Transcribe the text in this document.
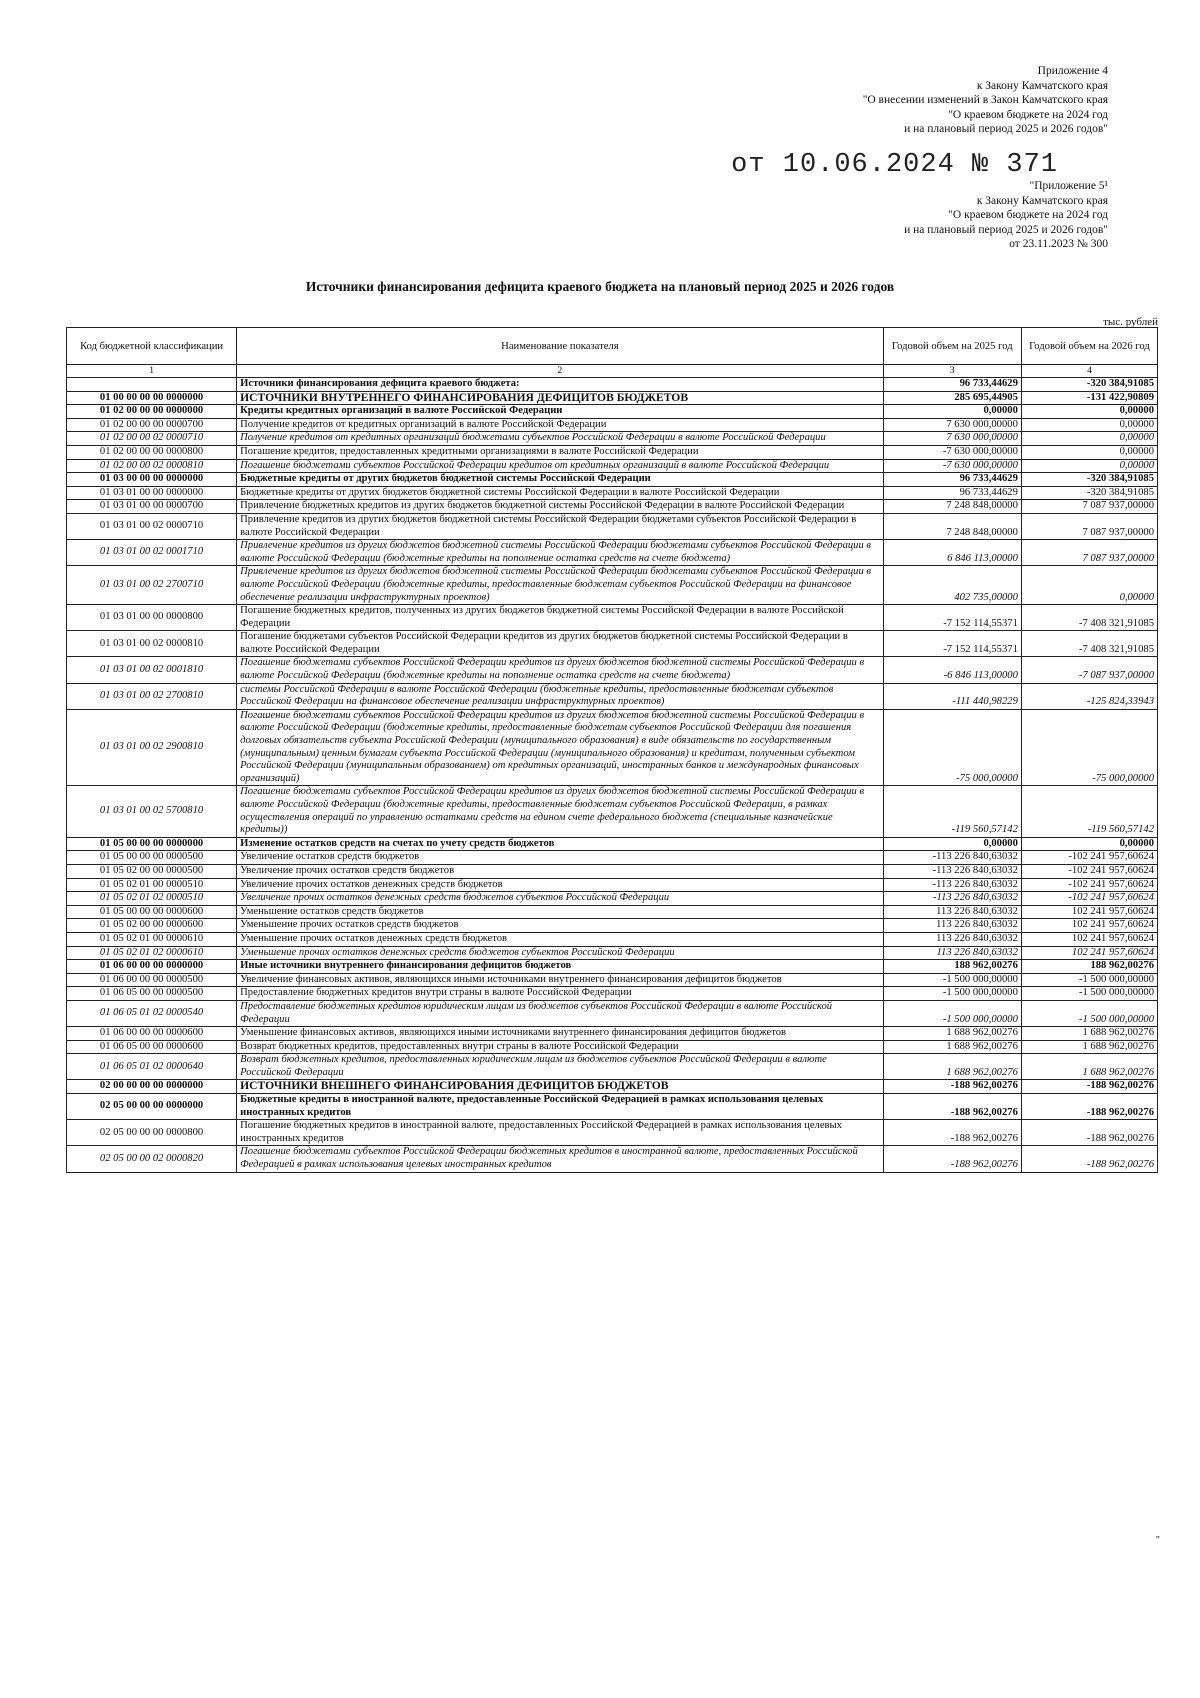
Приложение 4
к Закону Камчатского края
"О внесении изменений в Закон Камчатского края
"О краевом бюджете на 2024 год
и на плановый период 2025 и 2026 годов"
от 10.06.2024 № 371
"Приложение 5¹
к Закону Камчатского края
"О краевом бюджете на 2024 год
и на плановый период 2025 и 2026 годов"
от 23.11.2023 № 300
Источники финансирования дефицита краевого бюджета на плановый период 2025 и 2026 годов
тыс. рублей
Код бюджетной классификации	Наименование показателя	Годовой объем на 2025 год	Годовой объем на 2026 год
1	2	3	4
	Источники финансирования дефицита краевого бюджета:	96 733,44629	-320 384,91085
01 00 00 00 00 0000000	ИСТОЧНИКИ ВНУТРЕННЕГО ФИНАНСИРОВАНИЯ ДЕФИЦИТОВ БЮДЖЕТОВ	285 695,44905	-131 422,90809
01 02 00 00 00 0000000	Кредиты кредитных организаций в валюте Российской Федерации	0,00000	0,00000
01 02 00 00 00 0000700	Получение кредитов от кредитных организаций в валюте Российской Федерации	7 630 000,00000	0,00000
01 02 00 00 02 0000710	Получение кредитов от кредитных организаций бюджетами субъектов Российской Федерации в валюте Российской Федерации	7 630 000,00000	0,00000
01 02 00 00 00 0000800	Погашение кредитов, предоставленных кредитными организациями в валюте Российской Федерации	-7 630 000,00000	0,00000
01 02 00 00 02 0000810	Погашение бюджетами субъектов Российской Федерации кредитов от кредитных организаций в валюте Российской Федерации	-7 630 000,00000	0,00000
01 03 00 00 00 0000000	Бюджетные кредиты от других бюджетов бюджетной системы Российской Федерации	96 733,44629	-320 384,91085
01 03 01 00 00 0000000	Бюджетные кредиты от других бюджетов бюджетной системы Российской Федерации в валюте Российской Федерации	96 733,44629	-320 384,91085
01 03 01 00 00 0000700	Привлечение бюджетных кредитов из других бюджетов бюджетной системы Российской Федерации в валюте Российской Федерации	7 248 848,00000	7 087 937,00000
01 03 01 00 02 0000710	Привлечение кредитов из других бюджетов бюджетной системы Российской Федерации бюджетами субъектов Российской Федерации в валюте Российской Федерации	7 248 848,00000	7 087 937,00000
01 03 01 00 02 0001710	Привлечение кредитов из других бюджетов бюджетной системы Российской Федерации бюджетами субъектов Российской Федерации в валюте Российской Федерации (бюджетные кредиты на пополнение остатка средств на счете бюджета)	6 846 113,00000	7 087 937,00000
01 03 01 00 02 2700710	Привлечение кредитов из других бюджетов бюджетной системы Российской Федерации бюджетами субъектов Российской Федерации в валюте Российской Федерации (бюджетные кредиты, предоставленные бюджетам субъектов Российской Федерации на финансовое обеспечение реализации инфраструктурных проектов)	402 735,00000	0,00000
01 03 01 00 00 0000800	Погашение бюджетных кредитов, полученных из других бюджетов бюджетной системы Российской Федерации в валюте Российской Федерации	-7 152 114,55371	-7 408 321,91085
01 03 01 00 02 0000810	Погашение бюджетами субъектов Российской Федерации кредитов из других бюджетов бюджетной системы Российской Федерации в валюте Российской Федерации	-7 152 114,55371	-7 408 321,91085
01 03 01 00 02 0001810	Погашение бюджетами субъектов Российской Федерации кредитов из других бюджетов бюджетной системы Российской Федерации в валюте Российской Федерации (бюджетные кредиты на пополнение остатка средств на счете бюджета)	-6 846 113,00000	-7 087 937,00000
01 03 01 00 02 2700810	системы Российской Федерации в валюте Российской Федерации (бюджетные кредиты, предоставленные бюджетам субъектов Российской Федерации на финансовое обеспечение реализации инфраструктурных проектов)	-111 440,98229	-125 824,33943
01 03 01 00 02 2900810	Погашение бюджетами субъектов Российской Федерации кредитов из других бюджетов бюджетной системы Российской Федерации в валюте Российской Федерации (бюджетные кредиты, предоставленные бюджетам субъектов Российской Федерации для погашения долговых обязательств субъекта Российской Федерации (муниципального образования) в виде обязательств по государственным (муниципальным) ценным бумагам субъекта Российской Федерации (муниципального образования) и кредитам, полученным субъектом Российской Федерации (муниципальным образованием) от кредитных организаций, иностранных банков и международных финансовых организаций)	-75 000,00000	-75 000,00000
01 03 01 00 02 5700810	Погашение бюджетами субъектов Российской Федерации кредитов из других бюджетов бюджетной системы Российской Федерации в валюте Российской Федерации (бюджетные кредиты, предоставленные бюджетам субъектов Российской Федерации, в рамках осуществления операций по управлению остатками средств на едином счете федерального бюджета (специальные казначейские кредиты))	-119 560,57142	-119 560,57142
01 05 00 00 00 0000000	Изменение остатков средств на счетах по учету средств бюджетов	0,00000	0,00000
01 05 00 00 00 0000500	Увеличение остатков средств бюджетов	-113 226 840,63032	-102 241 957,60624
01 05 02 00 00 0000500	Увеличение прочих остатков средств бюджетов	-113 226 840,63032	-102 241 957,60624
01 05 02 01 00 0000510	Увеличение прочих остатков денежных средств бюджетов	-113 226 840,63032	-102 241 957,60624
01 05 02 01 02 0000510	Увеличение прочих остатков денежных средств бюджетов субъектов Российской Федерации	-113 226 840,63032	-102 241 957,60624
01 05 00 00 00 0000600	Уменьшение остатков средств бюджетов	113 226 840,63032	102 241 957,60624
01 05 02 00 00 0000600	Уменьшение прочих остатков средств бюджетов	113 226 840,63032	102 241 957,60624
01 05 02 01 00 0000610	Уменьшение прочих остатков денежных средств бюджетов	113 226 840,63032	102 241 957,60624
01 05 02 01 02 0000610	Уменьшение прочих остатков денежных средств бюджетов субъектов Российской Федерации	113 226 840,63032	102 241 957,60624
01 06 00 00 00 0000000	Иные источники внутреннего финансирования дефицитов бюджетов	188 962,00276	188 962,00276
01 06 00 00 00 0000500	Увеличение финансовых активов, являющихся иными источниками внутреннего финансирования дефицитов бюджетов	-1 500 000,00000	-1 500 000,00000
01 06 05 00 00 0000500	Предоставление бюджетных кредитов внутри страны в валюте Российской Федерации	-1 500 000,00000	-1 500 000,00000
01 06 05 01 02 0000540	Предоставление бюджетных кредитов юридическим лицам из бюджетов субъектов Российской Федерации в валюте Российской Федерации	-1 500 000,00000	-1 500 000,00000
01 06 00 00 00 0000600	Уменьшение финансовых активов, являющихся иными источниками внутреннего финансирования дефицитов бюджетов	1 688 962,00276	1 688 962,00276
01 06 05 00 00 0000600	Возврат бюджетных кредитов, предоставленных внутри страны в валюте Российской Федерации	1 688 962,00276	1 688 962,00276
01 06 05 01 02 0000640	Возврат бюджетных кредитов, предоставленных юридическим лицам из бюджетов субъектов Российской Федерации в валюте Российской Федерации	1 688 962,00276	1 688 962,00276
02 00 00 00 00 0000000	ИСТОЧНИКИ ВНЕШНЕГО ФИНАНСИРОВАНИЯ ДЕФИЦИТОВ БЮДЖЕТОВ	-188 962,00276	-188 962,00276
02 05 00 00 00 0000000	Бюджетные кредиты в иностранной валюте, предоставленные Российской Федерацией в рамках использования целевых иностранных кредитов	-188 962,00276	-188 962,00276
02 05 00 00 00 0000800	Погашение бюджетных кредитов в иностранной валюте, предоставленных Российской Федерацией в рамках использования целевых иностранных кредитов	-188 962,00276	-188 962,00276
02 05 00 00 02 0000820	Погашение бюджетами субъектов Российской Федерации бюджетных кредитов в иностранной валюте, предоставленных Российской Федерацией в рамках использования целевых иностранных кредитов	-188 962,00276	-188 962,00276
"
